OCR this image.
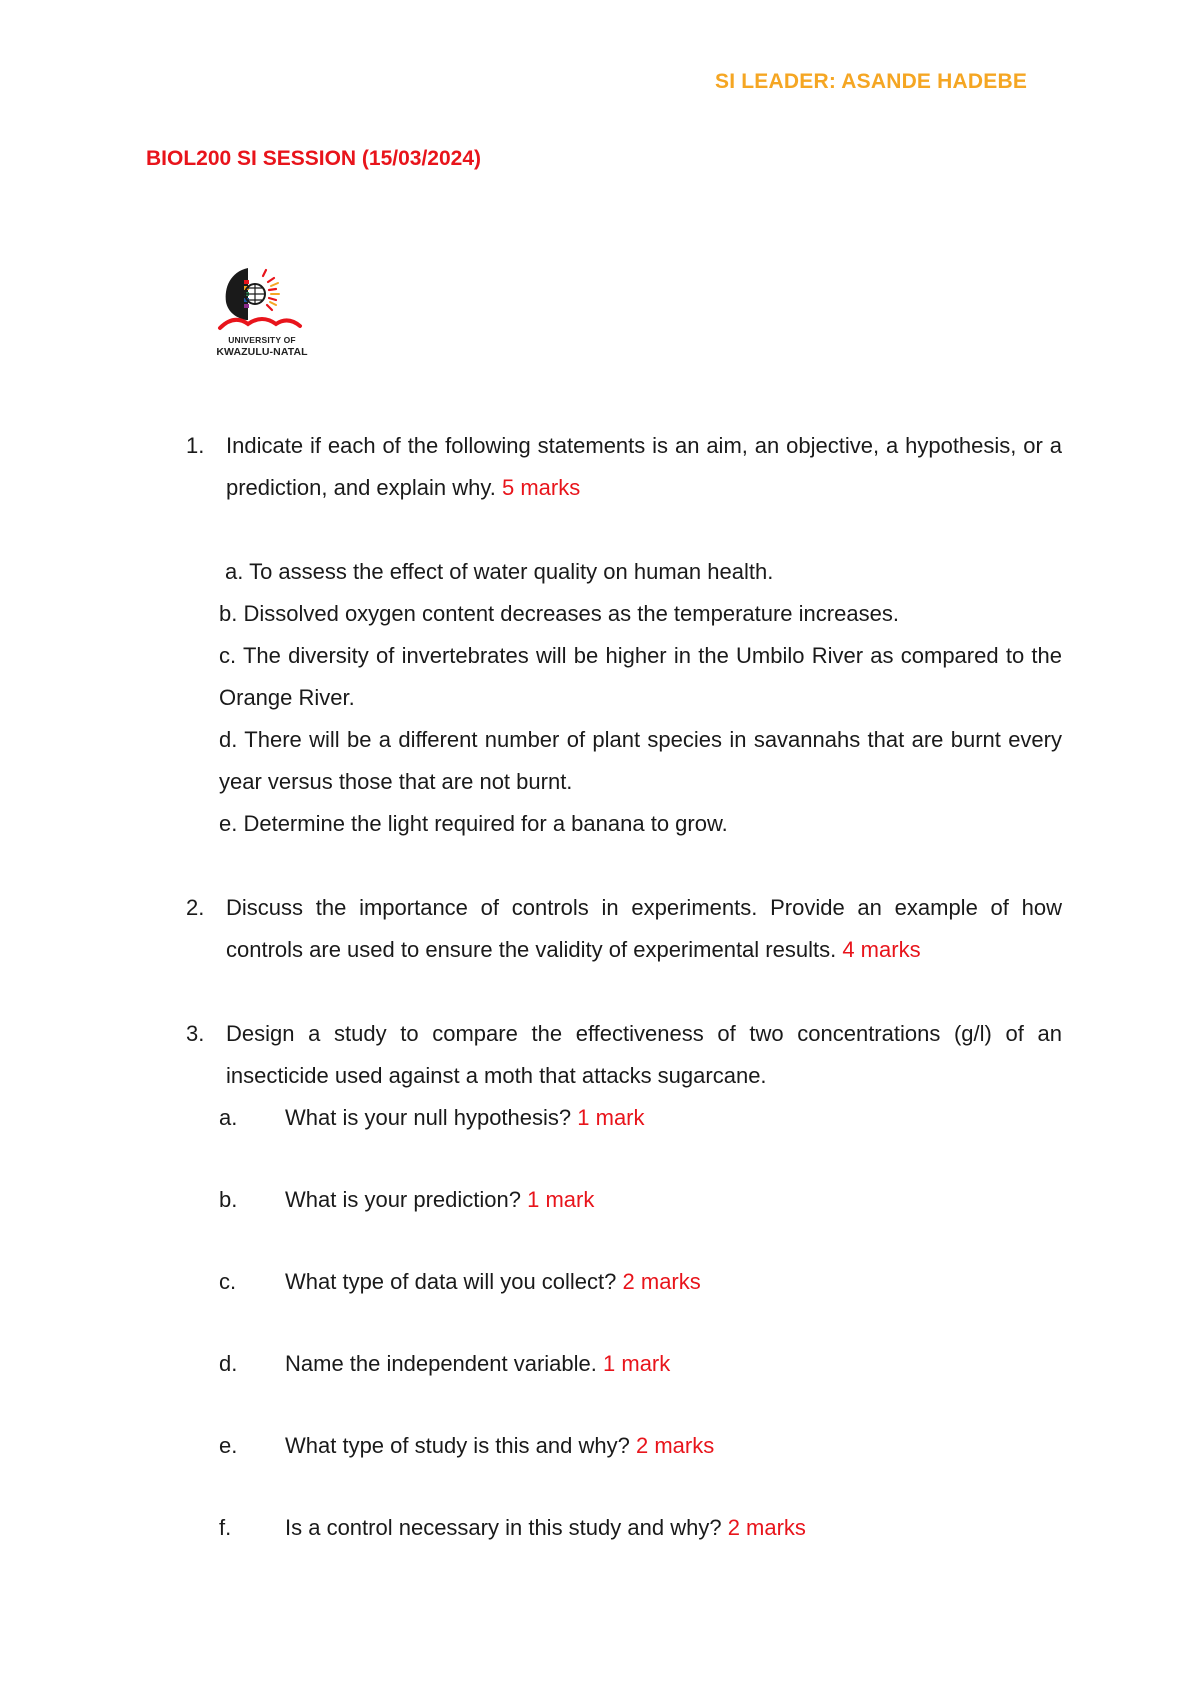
SI LEADER: ASANDE HADEBE
BIOL200 SI SESSION (15/03/2024)
UNIVERSITY OF
KWAZULU-NATAL
1. Indicate if each of the following statements is an aim, an objective, a hypothesis, or a prediction, and explain why. 5 marks

a. To assess the effect of water quality on human health.

b. Dissolved oxygen content decreases as the temperature increases.

c. The diversity of invertebrates will be higher in the Umbilo River as compared to the Orange River.

d. There will be a different number of plant species in savannahs that are burnt every year versus those that are not burnt.

e. Determine the light required for a banana to grow.

2. Discuss the importance of controls in experiments. Provide an example of how controls are used to ensure the validity of experimental results. 4 marks
3. Design a study to compare the effectiveness of two concentrations (g/l) of an insecticide used against a moth that attacks sugarcane.
a.	What is your null hypothesis? 1 mark
b.	What is your prediction? 1 mark
c.	What type of data will you collect? 2 marks
d.	Name the independent variable. 1 mark
e.	What type of study is this and why? 2 marks
f.	Is a control necessary in this study and why? 2 marks
